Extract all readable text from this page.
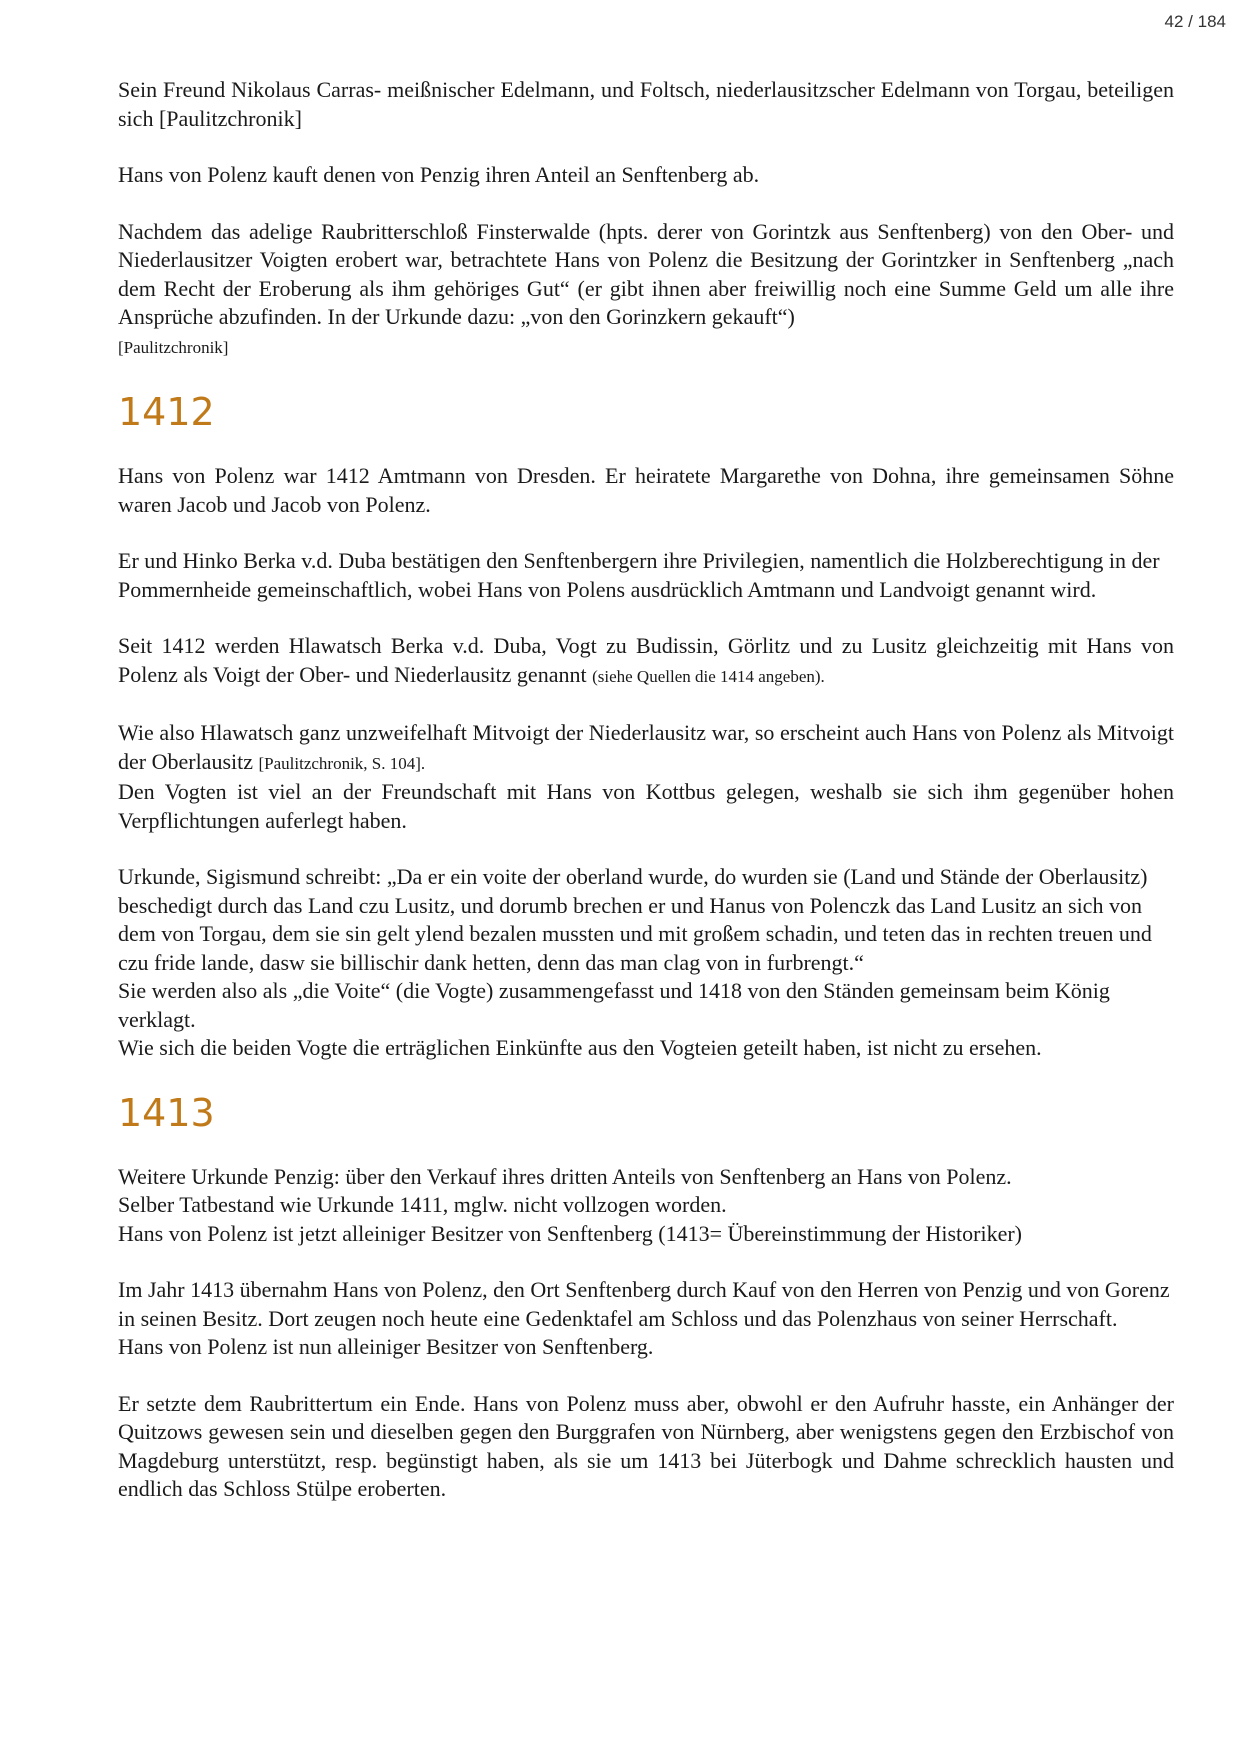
42 / 184

Sein Freund Nikolaus Carras- meißnischer Edelmann, und Foltsch, niederlausitzscher Edelmann von Torgau, beteiligen sich [Paulitzchronik]

Hans von Polenz kauft denen von Penzig ihren Anteil an Senftenberg ab.

Nachdem das adelige Raubritterschloß Finsterwalde (hpts. derer von Gorintzk aus Senftenberg) von den Ober- und Niederlausitzer Voigten erobert war, betrachtete Hans von Polenz die Besitzung der Gorintzker in Senftenberg „nach dem Recht der Eroberung als ihm gehöriges Gut“ (er gibt ihnen aber freiwillig noch eine Summe Geld um alle ihre Ansprüche abzufinden. In der Urkunde dazu: „von den Gorinzkern gekauft“)
[Paulitzchronik]

1412

Hans von Polenz war 1412 Amtmann von Dresden. Er heiratete Margarethe von Dohna, ihre gemeinsamen Söhne waren Jacob und Jacob von Polenz.

Er und Hinko Berka v.d. Duba bestätigen den Senftenbergern ihre Privilegien, namentlich die Holzberechtigung in der Pommernheide gemeinschaftlich, wobei Hans von Polens ausdrücklich Amtmann und Landvoigt genannt wird.

Seit 1412 werden Hlawatsch Berka v.d. Duba, Vogt zu Budissin, Görlitz und zu Lusitz gleichzeitig mit Hans von Polenz als Voigt der Ober- und Niederlausitz genannt (siehe Quellen die 1414 angeben).

Wie also Hlawatsch ganz unzweifelhaft Mitvoigt der Niederlausitz war, so erscheint auch Hans von Polenz als Mitvoigt der Oberlausitz [Paulitzchronik, S. 104].

Den Vogten ist viel an der Freundschaft mit Hans von Kottbus gelegen, weshalb sie sich ihm gegenüber hohen Verpflichtungen auferlegt haben.

Urkunde, Sigismund schreibt: „Da er ein voite der oberland wurde, do wurden sie (Land und Stände der Oberlausitz) beschedigt durch das Land czu Lusitz, und dorumb brechen er und Hanus von Polenczk das Land Lusitz an sich von dem von Torgau, dem sie sin gelt ylend bezalen mussten und mit großem schadin, und teten das in rechten treuen und czu fride lande, dasw sie billischir dank hetten, denn das man clag von in furbrengt.“

Sie werden also als „die Voite“ (die Vogte) zusammengefasst und 1418 von den Ständen gemeinsam beim König verklagt.

Wie sich die beiden Vogte die erträglichen Einkünfte aus den Vogteien geteilt haben, ist nicht zu ersehen.

1413

Weitere Urkunde Penzig: über den Verkauf ihres dritten Anteils von Senftenberg an Hans von Polenz.

Selber Tatbestand wie Urkunde 1411, mglw. nicht vollzogen worden.

Hans von Polenz ist jetzt alleiniger Besitzer von Senftenberg (1413= Übereinstimmung der Historiker)

Im Jahr 1413 übernahm Hans von Polenz, den Ort Senftenberg durch Kauf von den Herren von Penzig und von Gorenz in seinen Besitz. Dort zeugen noch heute eine Gedenktafel am Schloss und das Polenzhaus von seiner Herrschaft.

Hans von Polenz ist nun alleiniger Besitzer von Senftenberg.

Er setzte dem Raubrittertum ein Ende. Hans von Polenz muss aber, obwohl er den Aufruhr hasste, ein Anhänger der Quitzows gewesen sein und dieselben gegen den Burggrafen von Nürnberg, aber wenigstens gegen den Erzbischof von Magdeburg unterstützt, resp. begünstigt haben, als sie um 1413 bei Jüterbogk und Dahme schrecklich hausten und endlich das Schloss Stülpe eroberten.
